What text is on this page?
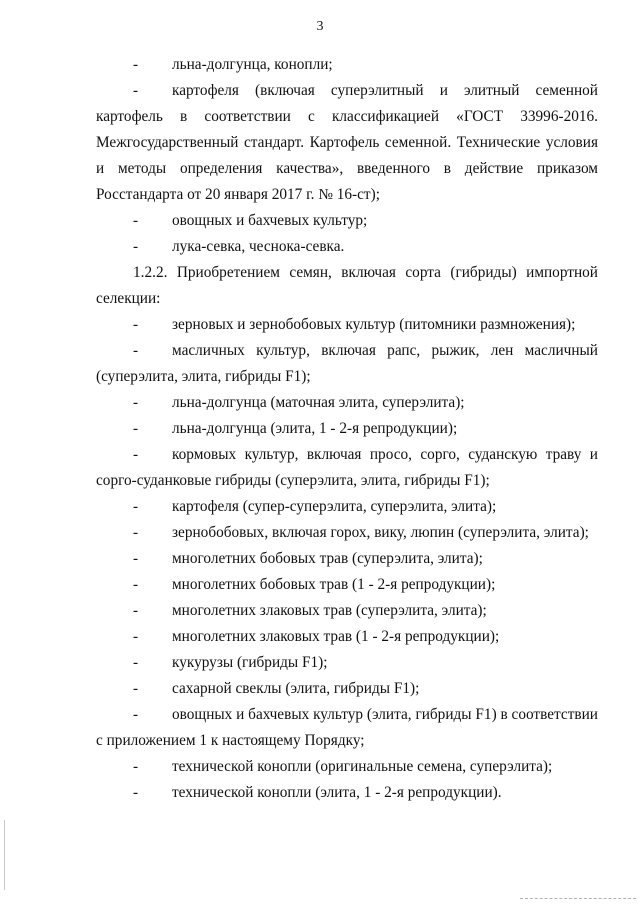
3
- льна-долгунца, конопли;
- картофеля (включая суперэлитный и элитный семенной картофель в соответствии с классификацией «ГОСТ 33996-2016. Межгосударственный стандарт. Картофель семенной. Технические условия и методы определения качества», введенного в действие приказом Росстандарта от 20 января 2017 г. № 16-ст);
- овощных и бахчевых культур;
- лука-севка, чеснока-севка.
1.2.2. Приобретением семян, включая сорта (гибриды) импортной селекции:
- зерновых и зернобобовых культур (питомники размножения);
- масличных культур, включая рапс, рыжик, лен масличный (суперэлита, элита, гибриды F1);
- льна-долгунца (маточная элита, суперэлита);
- льна-долгунца (элита, 1 - 2-я репродукции);
- кормовых культур, включая просо, сорго, суданскую траву и сорго-суданковые гибриды (суперэлита, элита, гибриды F1);
- картофеля (супер-суперэлита, суперэлита, элита);
- зернобобовых, включая горох, вику, люпин (суперэлита, элита);
- многолетних бобовых трав (суперэлита, элита);
- многолетних бобовых трав (1 - 2-я репродукции);
- многолетних злаковых трав (суперэлита, элита);
- многолетних злаковых трав (1 - 2-я репродукции);
- кукурузы (гибриды F1);
- сахарной свеклы (элита, гибриды F1);
- овощных и бахчевых культур (элита, гибриды F1) в соответствии с приложением 1 к настоящему Порядку;
- технической конопли (оригинальные семена, суперэлита);
- технической конопли (элита, 1 - 2-я репродукции).
